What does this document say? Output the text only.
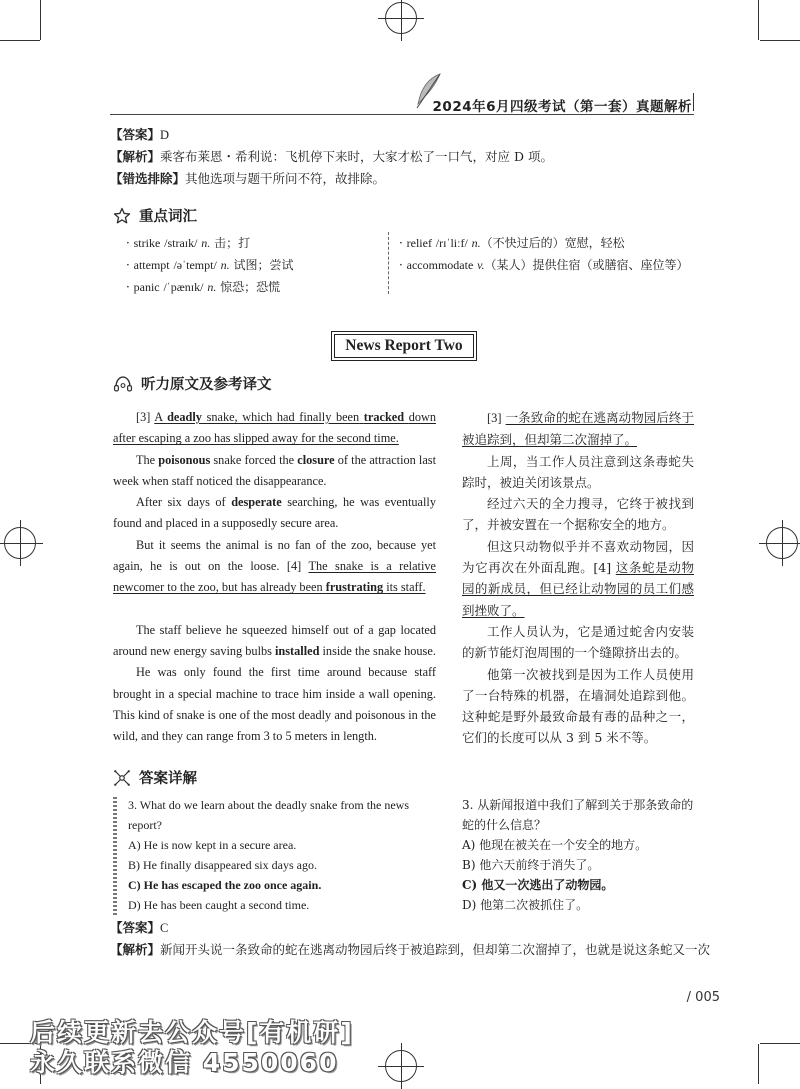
2024年6月四级考试（第一套）真题解析
【答案】D
【解析】乘客布莱恩・希利说：飞机停下来时，大家才松了一口气，对应 D 项。
【错选排除】其他选项与题干所问不符，故排除。
重点词汇
· strike /straɪk/ n. 击；打
· attempt /əˈtempt/ n. 试图；尝试
· panic /ˈpænɪk/ n. 惊恐；恐慌
· relief /rɪˈliːf/ n.（不快过后的）宽慰，轻松
· accommodate v.（某人）提供住宿（或膳宿、座位等）
News Report Two
听力原文及参考译文

[3] A deadly snake, which had finally been tracked down after escaping a zoo has slipped away for the second time.

The poisonous snake forced the closure of the attraction last week when staff noticed the disappearance.

After six days of desperate searching, he was eventually found and placed in a supposedly secure area.

But it seems the animal is no fan of the zoo, because yet again, he is out on the loose. [4] The snake is a relative newcomer to the zoo, but has already been frustrating its staff.

The staff believe he squeezed himself out of a gap located around new energy saving bulbs installed inside the snake house.

He was only found the first time around because staff brought in a special machine to trace him inside a wall opening. This kind of snake is one of the most deadly and poisonous in the wild, and they can range from 3 to 5 meters in length.

[3] 一条致命的蛇在逃离动物园后终于被追踪到，但却第二次溜掉了。

上周，当工作人员注意到这条毒蛇失踪时，被迫关闭该景点。

经过六天的全力搜寻，它终于被找到了，并被安置在一个据称安全的地方。

但这只动物似乎并不喜欢动物园，因为它再次在外面乱跑。[4] 这条蛇是动物园的新成员，但已经让动物园的员工们感到挫败了。

工作人员认为，它是通过蛇舍内安装的新节能灯泡周围的一个缝隙挤出去的。

他第一次被找到是因为工作人员使用了一台特殊的机器，在墙洞处追踪到他。这种蛇是野外最致命最有毒的品种之一，它们的长度可以从 3 到 5 米不等。

答案详解
3. What do we learn about the deadly snake from the news report?
A) He is now kept in a secure area.
B) He finally disappeared six days ago.
C) He has escaped the zoo once again.
D) He has been caught a second time.
3. 从新闻报道中我们了解到关于那条致命的蛇的什么信息？
A) 他现在被关在一个安全的地方。
B) 他六天前终于消失了。
C) 他又一次逃出了动物园。
D) 他第二次被抓住了。
【答案】C
【解析】新闻开头说一条致命的蛇在逃离动物园后终于被追踪到，但却第二次溜掉了，也就是说这条蛇又一次
/ 005
后续更新去公众号[有机研]
永久联系微信 4550060
